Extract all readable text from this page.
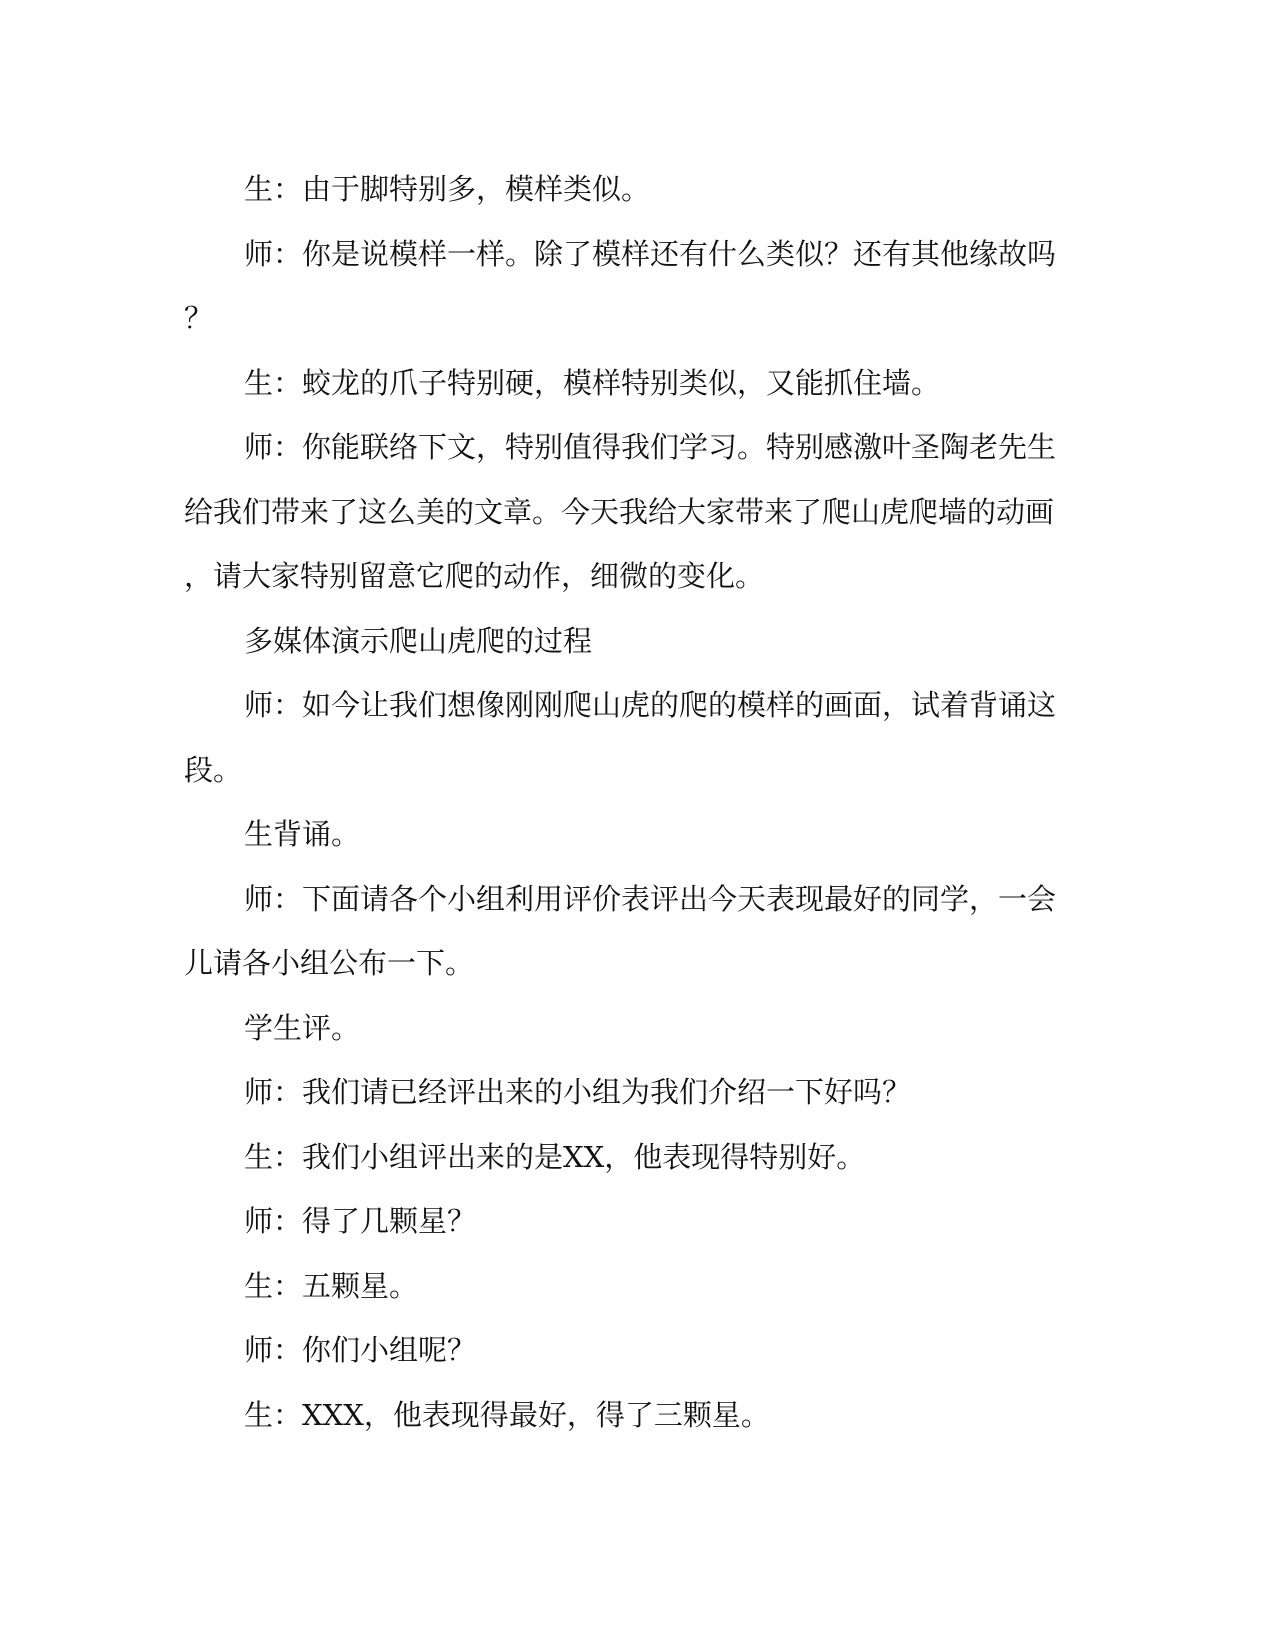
生：由于脚特别多，模样类似。
师：你是说模样一样。除了模样还有什么类似？还有其他缘故吗
？
生：蛟龙的爪子特别硬，模样特别类似，又能抓住墙。
师：你能联络下文，特别值得我们学习。特别感激叶圣陶老先生
给我们带来了这么美的文章。今天我给大家带来了爬山虎爬墙的动画
，请大家特别留意它爬的动作，细微的变化。
多媒体演示爬山虎爬的过程
师：如今让我们想像刚刚爬山虎的爬的模样的画面，试着背诵这
段。
生背诵。
师：下面请各个小组利用评价表评出今天表现最好的同学，一会
儿请各小组公布一下。
学生评。
师：我们请已经评出来的小组为我们介绍一下好吗？
生：我们小组评出来的是XX，他表现得特别好。
师：得了几颗星？
生：五颗星。
师：你们小组呢？
生：XXX，他表现得最好，得了三颗星。
